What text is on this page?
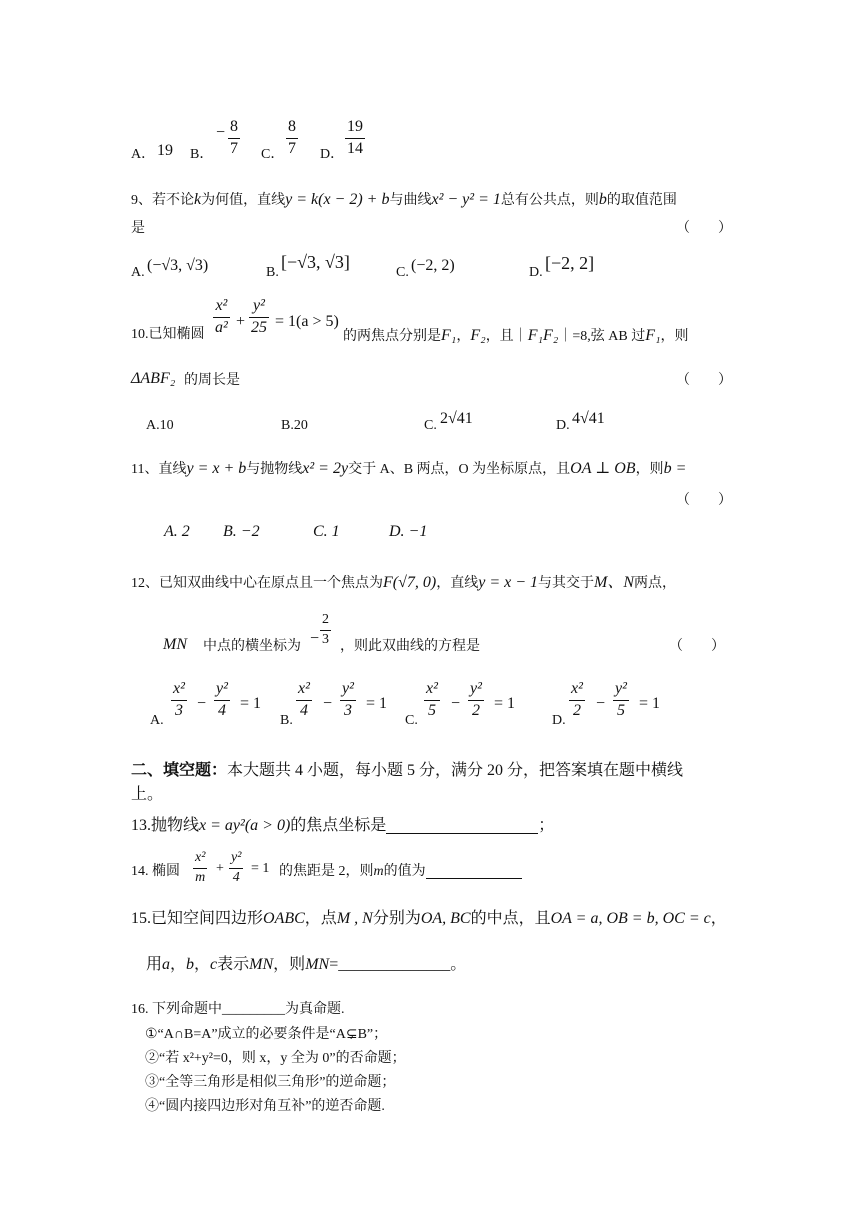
A． 19 B．
− 8
7 C．
8
7 D．
19
14
9、若不论k为何值，直线y = k(x − 2) + b与曲线x² − y² = 1总有公共点，则b的取值范围
是	（　　）
A. (−√3, √3)	B.
[−√3, √3]
C. (−2, 2)	D. [−2, 2]
10.已知椭圆
x²
a² +
y²
25 = 1(a > 5)
的两焦点分别是F₁，F₂，且｜F₁F₂｜=8,弦 AB 过F₁，则
ΔABF₂ 的周长是	（　　）
A.10	B.20	C. 2√41	D. 4√41
11、直线y = x + b与抛物线x² = 2y交于 A、B 两点，O 为坐标原点，且OA ⊥ OB，则b =
（　　）
A. 2 B. −2	C. 1	D. −1
12、已知双曲线中心在原点且一个焦点为F(√7, 0)，直线y = x − 1与其交于M、N两点，
MN 中点的横坐标为 −
2
3 ，则此双曲线的方程是	（　　）
A.
x²
3 −
y²
4 = 1
B.
x²
4 −
y²
3 = 1
C.
x²
5 −
y²
2 = 1
D.
x²
2 −
y²
5 = 1
二、填空题：本大题共 4 小题，每小题 5 分，满分 20 分，把答案填在题中横线
上。
13.抛物线x = ay²(a > 0)的焦点坐标是	；
14. 椭圆
x²
m
+
y²
4
= 1 的焦距是 2，则m的值为
15.已知空间四边形OABC，点M , N分别为OA, BC的中点，且OA = a, OB = b, OC = c，
用a，b，c表示MN，则MN=______________。
16. 下列命题中_________为真命题.
①“A∩B=A”成立的必要条件是“A⊊B”；
②“若 x²+y²=0，则 x，y 全为 0”的否命题；
③“全等三角形是相似三角形”的逆命题；
④“圆内接四边形对角互补”的逆否命题.
